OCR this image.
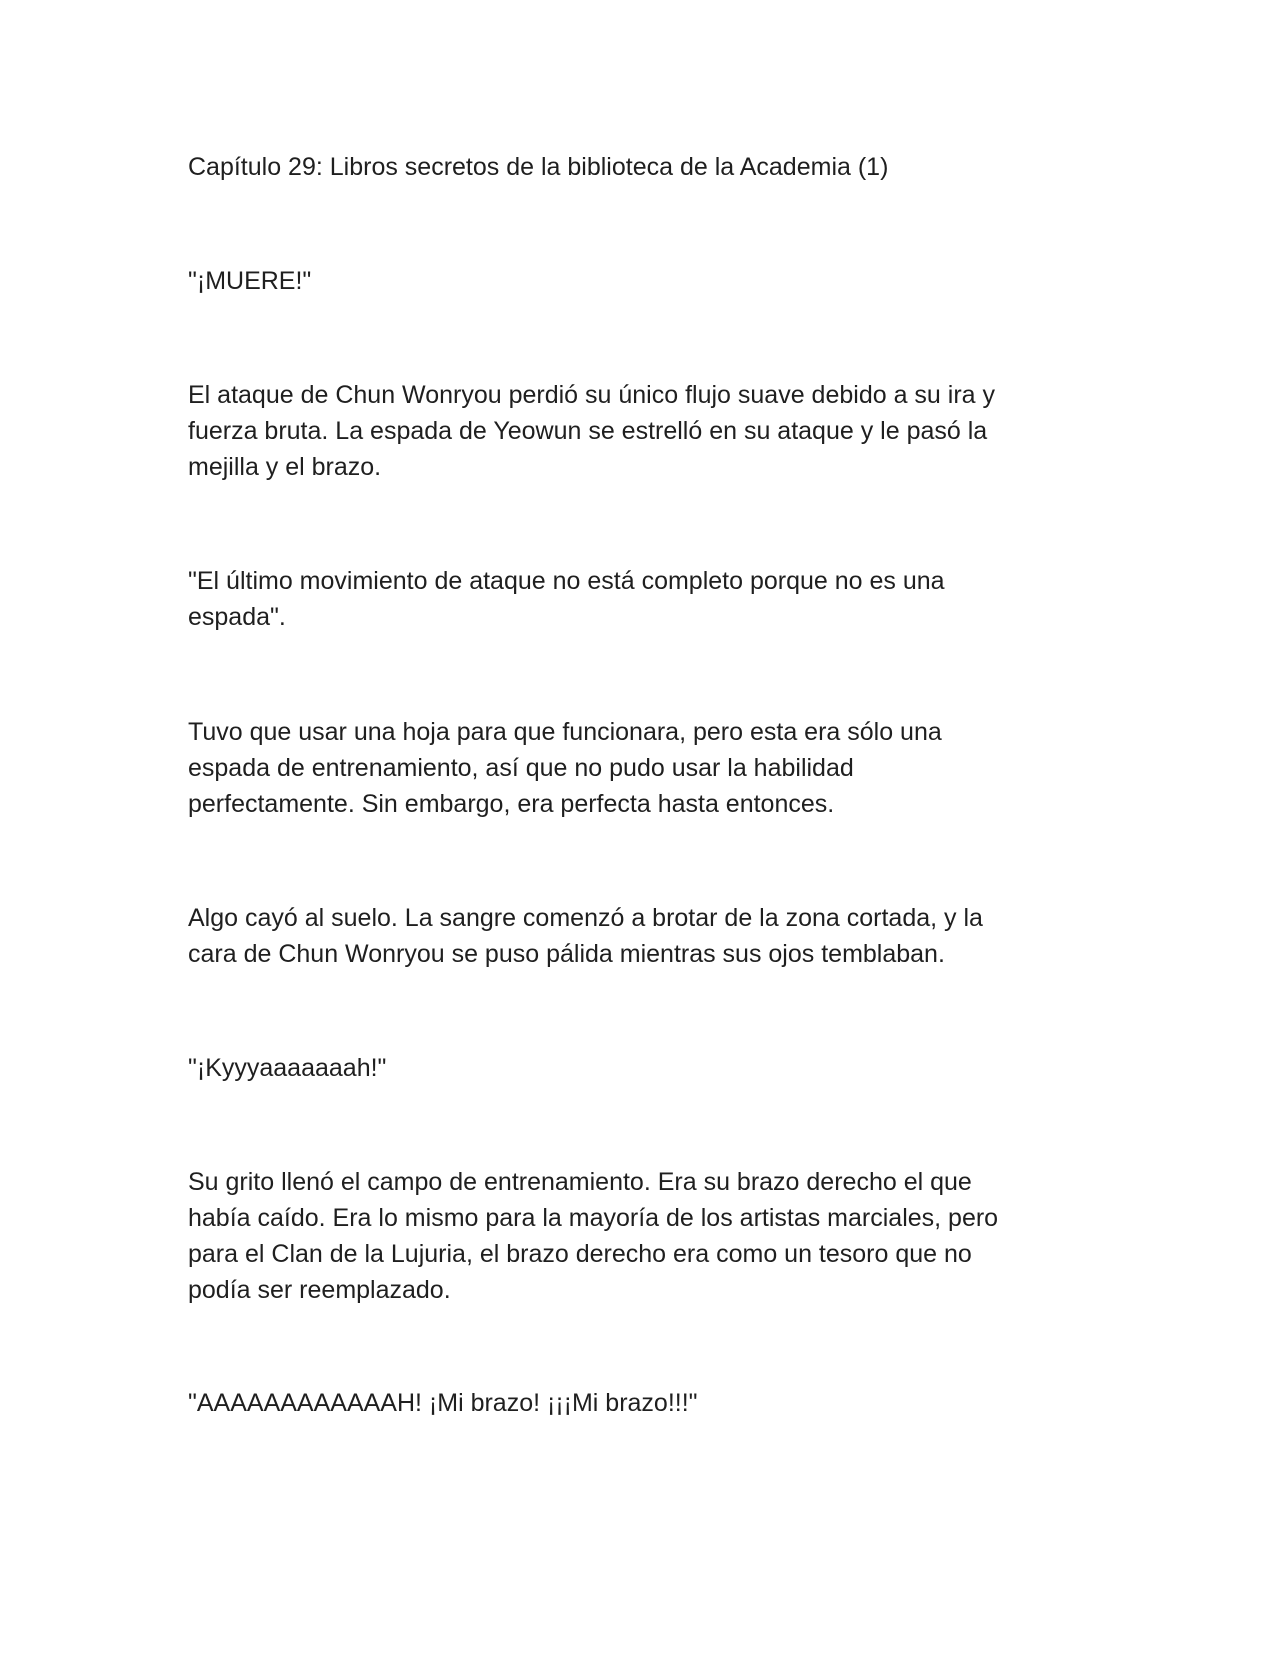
Capítulo 29: Libros secretos de la biblioteca de la Academia (1)

"¡MUERE!"

El ataque de Chun Wonryou perdió su único flujo suave debido a su ira y
fuerza bruta. La espada de Yeowun se estrelló en su ataque y le pasó la
mejilla y el brazo.

"El último movimiento de ataque no está completo porque no es una
espada".

Tuvo que usar una hoja para que funcionara, pero esta era sólo una
espada de entrenamiento, así que no pudo usar la habilidad
perfectamente. Sin embargo, era perfecta hasta entonces.

Algo cayó al suelo. La sangre comenzó a brotar de la zona cortada, y la
cara de Chun Wonryou se puso pálida mientras sus ojos temblaban.

"¡Kyyyaaaaaaah!"

Su grito llenó el campo de entrenamiento. Era su brazo derecho el que
había caído. Era lo mismo para la mayoría de los artistas marciales, pero
para el Clan de la Lujuria, el brazo derecho era como un tesoro que no
podía ser reemplazado.

"AAAAAAAAAAAAH! ¡Mi brazo! ¡¡¡Mi brazo!!!"
